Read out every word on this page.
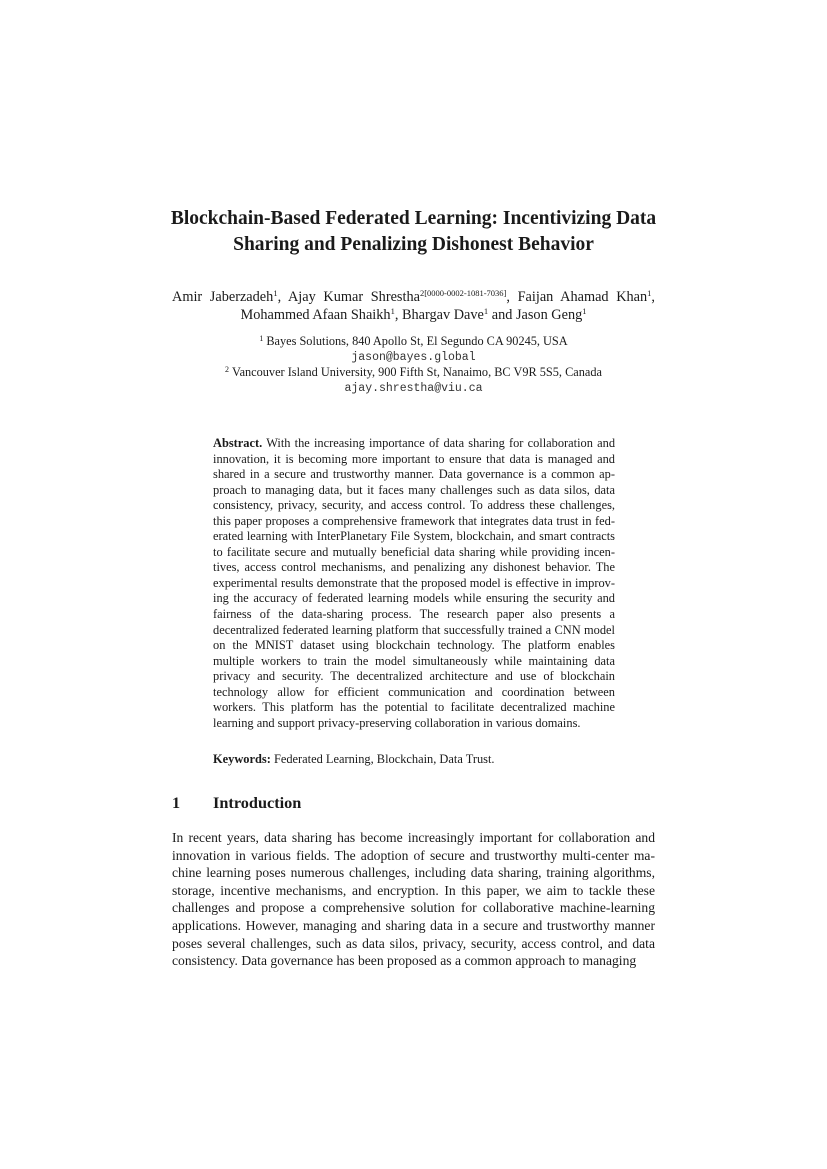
Blockchain-Based Federated Learning: Incentivizing Data Sharing and Penalizing Dishonest Behavior

Amir Jaberzadeh$^1$, Ajay Kumar Shrestha$^{2[0000-0002-1081-7036]}$, Faijan Ahamad Khan$^1$, Mohammed Afaan Shaikh$^1$, Bhargav Dave$^1$ and Jason Geng$^1$

$^1$ Bayes Solutions, 840 Apollo St, El Segundo CA 90245, USA
jason@bayes.global
$^2$ Vancouver Island University, 900 Fifth St, Nanaimo, BC V9R 5S5, Canada
ajay.shrestha@viu.ca

Abstract. With the increasing importance of data sharing for collaboration and innovation, it is becoming more important to ensure that data is managed and shared in a secure and trustworthy manner. Data governance is a common approach to managing data, but it faces many challenges such as data silos, data consistency, privacy, security, and access control. To address these challenges, this paper proposes a comprehensive framework that integrates data trust in federated learning with InterPlanetary File System, blockchain, and smart contracts to facilitate secure and mutually beneficial data sharing while providing incentives, access control mechanisms, and penalizing any dishonest behavior. The experimental results demonstrate that the proposed model is effective in improving the accuracy of federated learning models while ensuring the security and fairness of the data-sharing process. The research paper also presents a decentralized federated learning platform that successfully trained a CNN model on the MNIST dataset using blockchain technology. The platform enables multiple workers to train the model simultaneously while maintaining data privacy and security. The decentralized architecture and use of blockchain technology allow for efficient communication and coordination between workers. This platform has the potential to facilitate decentralized machine learning and support privacy-preserving collaboration in various domains.

Keywords: Federated Learning, Blockchain, Data Trust.

1 Introduction

In recent years, data sharing has become increasingly important for collaboration and innovation in various fields. The adoption of secure and trustworthy multi-center machine learning poses numerous challenges, including data sharing, training algorithms, storage, incentive mechanisms, and encryption. In this paper, we aim to tackle these challenges and propose a comprehensive solution for collaborative machine-learning applications. However, managing and sharing data in a secure and trustworthy manner poses several challenges, such as data silos, privacy, security, access control, and data consistency. Data governance has been proposed as a common approach to managing
